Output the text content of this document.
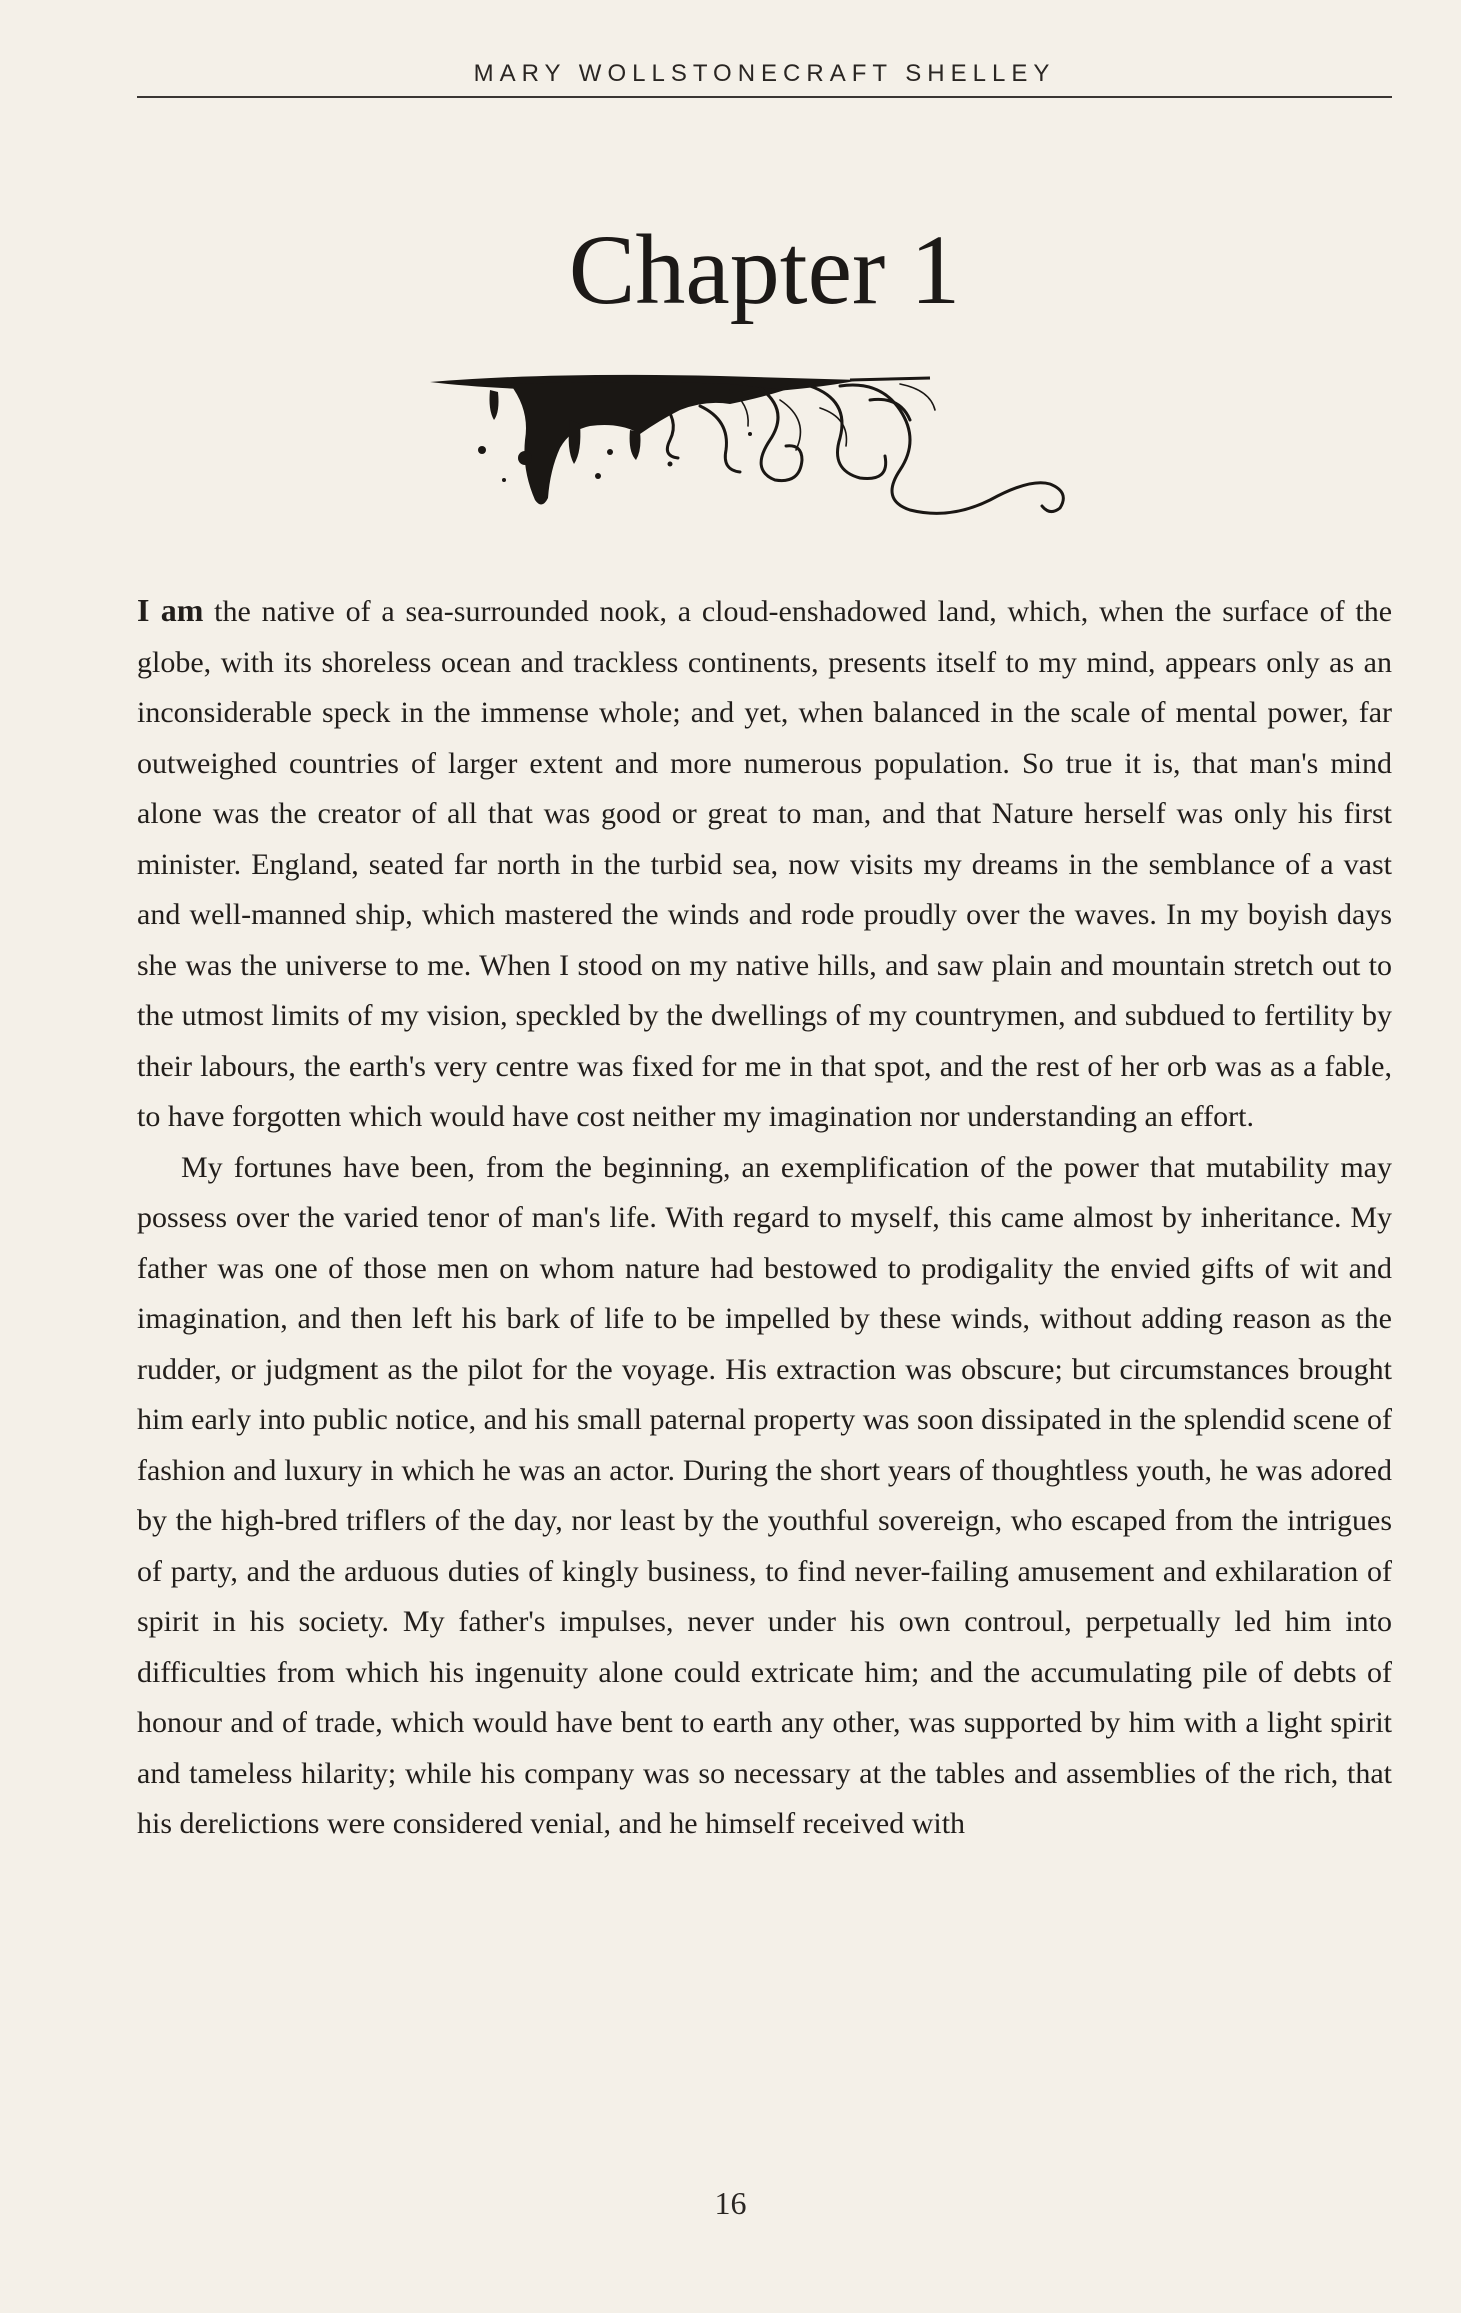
MARY WOLLSTONECRAFT SHELLEY
Chapter 1

I am the native of a sea-surrounded nook, a cloud-enshadowed land, which, when the surface of the globe, with its shoreless ocean and trackless continents, presents itself to my mind, appears only as an inconsiderable speck in the immense whole; and yet, when balanced in the scale of mental power, far outweighed countries of larger extent and more numerous population. So true it is, that man's mind alone was the creator of all that was good or great to man, and that Nature herself was only his first minister. England, seated far north in the turbid sea, now visits my dreams in the semblance of a vast and well-manned ship, which mastered the winds and rode proudly over the waves. In my boyish days she was the universe to me. When I stood on my native hills, and saw plain and mountain stretch out to the utmost limits of my vision, speckled by the dwellings of my countrymen, and subdued to fertility by their labours, the earth's very centre was fixed for me in that spot, and the rest of her orb was as a fable, to have forgotten which would have cost neither my imagination nor understanding an effort.

My fortunes have been, from the beginning, an exemplification of the power that mutability may possess over the varied tenor of man's life. With regard to myself, this came almost by inheritance. My father was one of those men on whom nature had bestowed to prodigality the envied gifts of wit and imagination, and then left his bark of life to be impelled by these winds, without adding reason as the rudder, or judgment as the pilot for the voyage. His extraction was obscure; but circumstances brought him early into public notice, and his small paternal property was soon dissipated in the splendid scene of fashion and luxury in which he was an actor. During the short years of thoughtless youth, he was adored by the high-bred triflers of the day, nor least by the youthful sovereign, who escaped from the intrigues of party, and the arduous duties of kingly business, to find never-failing amusement and exhilaration of spirit in his society. My father's impulses, never under his own controul, perpetually led him into difficulties from which his ingenuity alone could extricate him; and the accumulating pile of debts of honour and of trade, which would have bent to earth any other, was supported by him with a light spirit and tameless hilarity; while his company was so necessary at the tables and assemblies of the rich, that his derelictions were considered venial, and he himself received with

16
